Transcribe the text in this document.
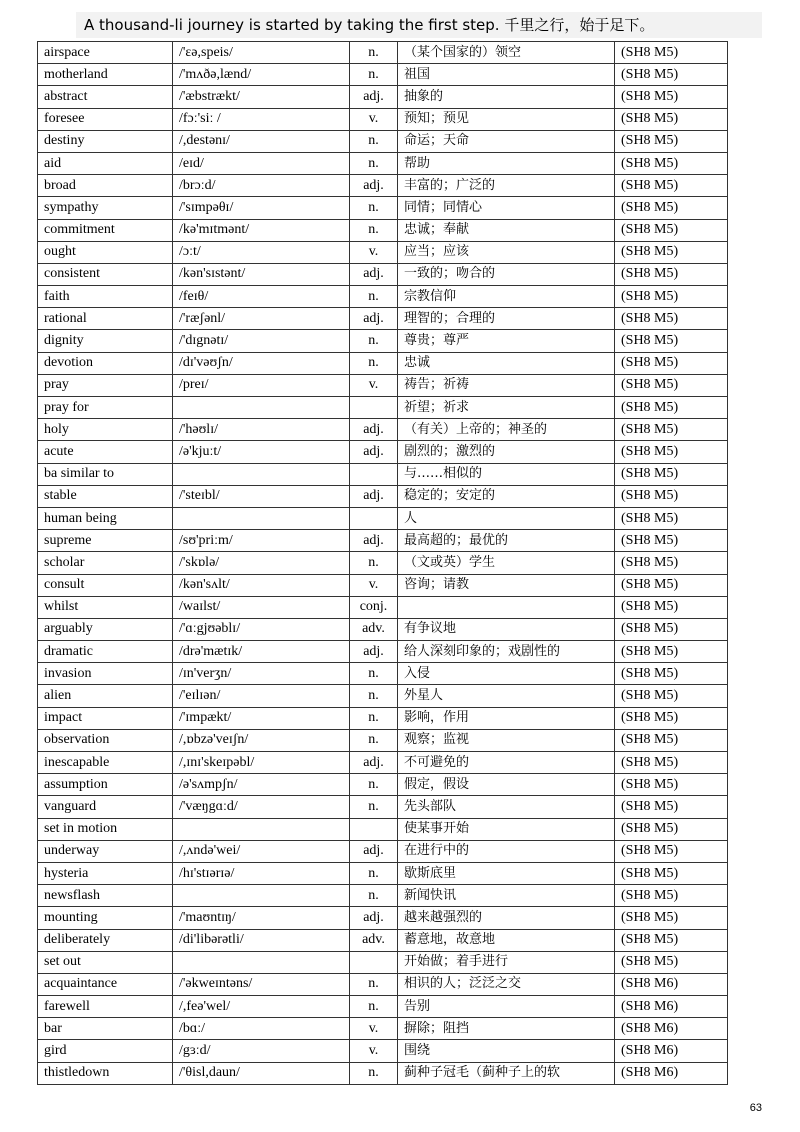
A thousand-li journey is started by taking the first step. 千里之行，始于足下。
airspace	/'ɛə,speis/	n.	（某个国家的）领空	(SH8 M5)
motherland	/'mʌðə,lænd/	n.	祖国	(SH8 M5)
abstract	/'æbstrækt/	adj.	抽象的	(SH8 M5)
foresee	/fɔː'siː /	v.	预知；预见	(SH8 M5)
destiny	/,destənɪ/	n.	命运；天命	(SH8 M5)
aid	/eɪd/	n.	帮助	(SH8 M5)
broad	/brɔːd/	adj.	丰富的；广泛的	(SH8 M5)
sympathy	/'sɪmpəθɪ/	n.	同情；同情心	(SH8 M5)
commitment	/kə'mɪtmənt/	n.	忠诚；奉献	(SH8 M5)
ought	/ɔːt/	v.	应当；应该	(SH8 M5)
consistent	/kən'sɪstənt/	adj.	一致的；吻合的	(SH8 M5)
faith	/feɪθ/	n.	宗教信仰	(SH8 M5)
rational	/'ræʃənl/	adj.	理智的；合理的	(SH8 M5)
dignity	/'dɪgnətɪ/	n.	尊贵；尊严	(SH8 M5)
devotion	/dɪ'vəʊʃn/	n.	忠诚	(SH8 M5)
pray	/preɪ/	v.	祷告；祈祷	(SH8 M5)
pray for			祈望；祈求	(SH8 M5)
holy	/'həʊlɪ/	adj.	（有关）上帝的；神圣的	(SH8 M5)
acute	/ə'kjuːt/	adj.	剧烈的；激烈的	(SH8 M5)
ba similar to			与……相似的	(SH8 M5)
stable	/'steɪbl/	adj.	稳定的；安定的	(SH8 M5)
human being			人	(SH8 M5)
supreme	/sʊ'priːm/	adj.	最高超的；最优的	(SH8 M5)
scholar	/'skɒlə/	n.	（文或英）学生	(SH8 M5)
consult	/kən'sʌlt/	v.	咨询；请教	(SH8 M5)
whilst	/waɪlst/	conj.		(SH8 M5)
arguably	/'ɑːgjʊəblɪ/	adv.	有争议地	(SH8 M5)
dramatic	/drə'mætɪk/	adj.	给人深刻印象的；戏剧性的	(SH8 M5)
invasion	/ɪn'verʒn/	n.	入侵	(SH8 M5)
alien	/'eɪlɪən/	n.	外星人	(SH8 M5)
impact	/'ɪmpækt/	n.	影响，作用	(SH8 M5)
observation	/,ɒbzə'veɪʃn/	n.	观察；监视	(SH8 M5)
inescapable	/,ɪnɪ'skeɪpəbl/	adj.	不可避免的	(SH8 M5)
assumption	/ə'sʌmpʃn/	n.	假定，假设	(SH8 M5)
vanguard	/'væŋgɑːd/	n.	先头部队	(SH8 M5)
set in motion			使某事开始	(SH8 M5)
underway	/,ʌndə'wei/	adj.	在进行中的	(SH8 M5)
hysteria	/hɪ'stɪərɪə/	n.	歇斯底里	(SH8 M5)
newsflash		n.	新闻快讯	(SH8 M5)
mounting	/'maʊntɪŋ/	adj.	越来越强烈的	(SH8 M5)
deliberately	/di'libərətli/	adv.	蓄意地，故意地	(SH8 M5)
set out			开始做；着手进行	(SH8 M5)
acquaintance	/'əkweɪntəns/	n.	相识的人；泛泛之交	(SH8 M6)
farewell	/,feə'wel/	n.	告别	(SH8 M6)
bar	/bɑː/	v.	摒除；阻挡	(SH8 M6)
gird	/gɜːd/	v.	围绕	(SH8 M6)
thistledown	/'θisl,daun/	n.	蓟种子冠毛（蓟种子上的软	(SH8 M6)
63
